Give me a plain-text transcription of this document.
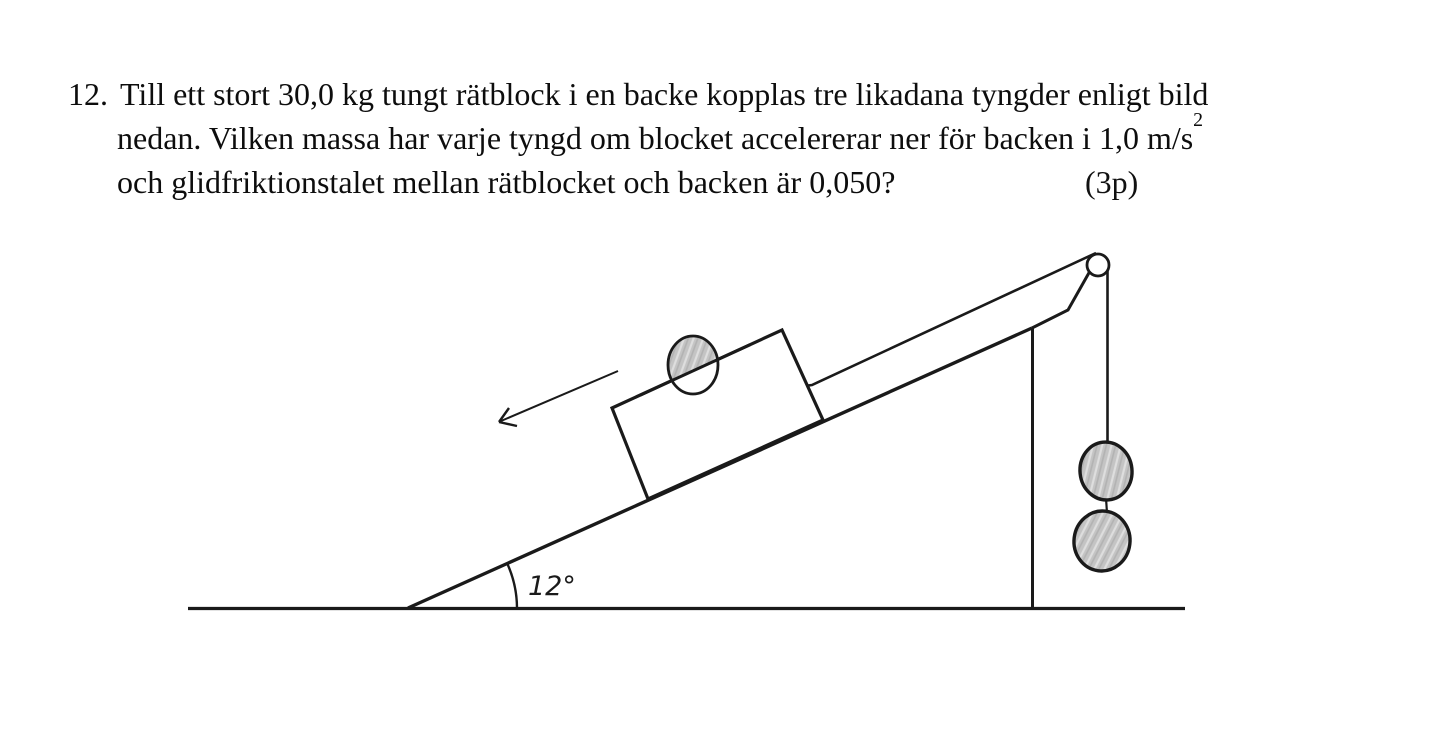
12. Till ett stort 30,0 kg tungt rätblock i en backe kopplas tre likadana tyngder enligt bild
nedan. Vilken massa har varje tyngd om blocket accelererar ner för backen i 1,0 $m/s^2$
och glidfriktionstalet mellan rätblocket och backen är 0,050?	(3p)
12°
